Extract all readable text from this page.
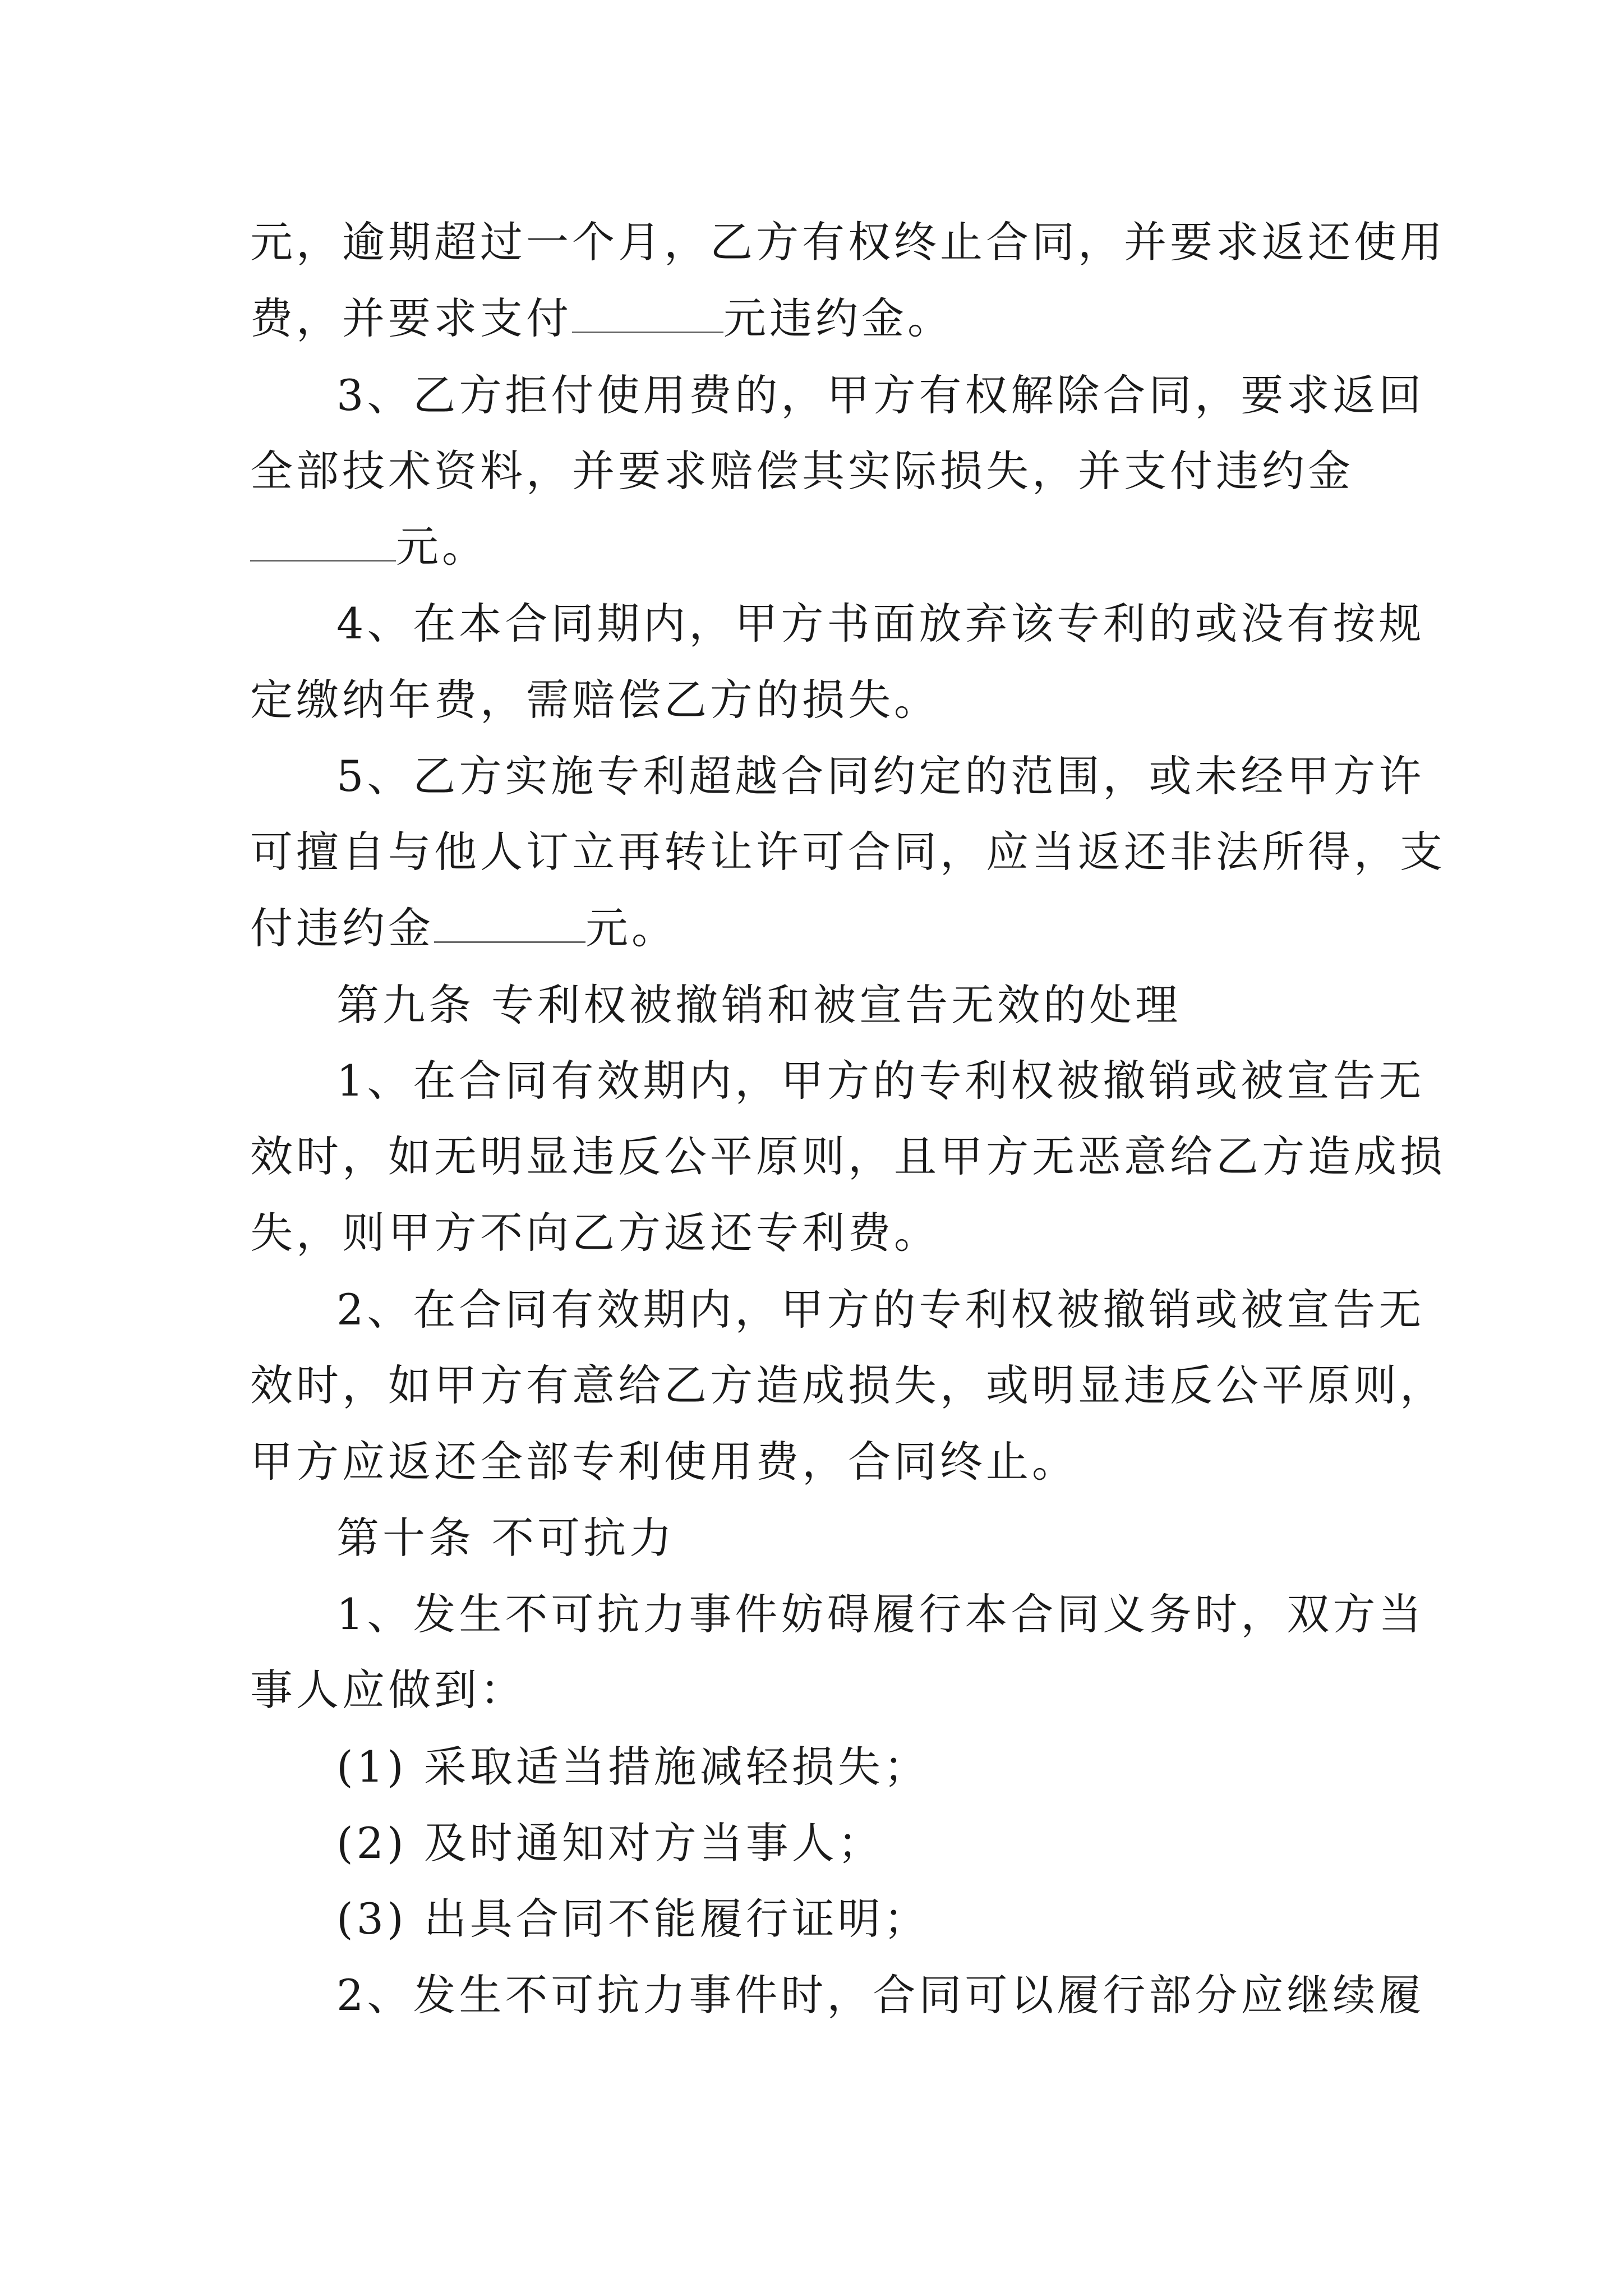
元，逾期超过一个月，乙方有权终止合同，并要求返还使用
费，并要求支付	元违约金。
3、乙方拒付使用费的，甲方有权解除合同，要求返回
全部技术资料，并要求赔偿其实际损失，并支付违约金
元。
4、在本合同期内，甲方书面放弃该专利的或没有按规
定缴纳年费，需赔偿乙方的损失。
5、乙方实施专利超越合同约定的范围，或未经甲方许
可擅自与他人订立再转让许可合同，应当返还非法所得，支
付违约金	元。
第九条 专利权被撤销和被宣告无效的处理
1、在合同有效期内，甲方的专利权被撤销或被宣告无
效时，如无明显违反公平原则，且甲方无恶意给乙方造成损
失，则甲方不向乙方返还专利费。
2、在合同有效期内，甲方的专利权被撤销或被宣告无
效时，如甲方有意给乙方造成损失，或明显违反公平原则，
甲方应返还全部专利使用费，合同终止。
第十条 不可抗力
1、发生不可抗力事件妨碍履行本合同义务时，双方当
事人应做到：
(1) 采取适当措施减轻损失；
(2) 及时通知对方当事人；
(3) 出具合同不能履行证明；
2、发生不可抗力事件时，合同可以履行部分应继续履
